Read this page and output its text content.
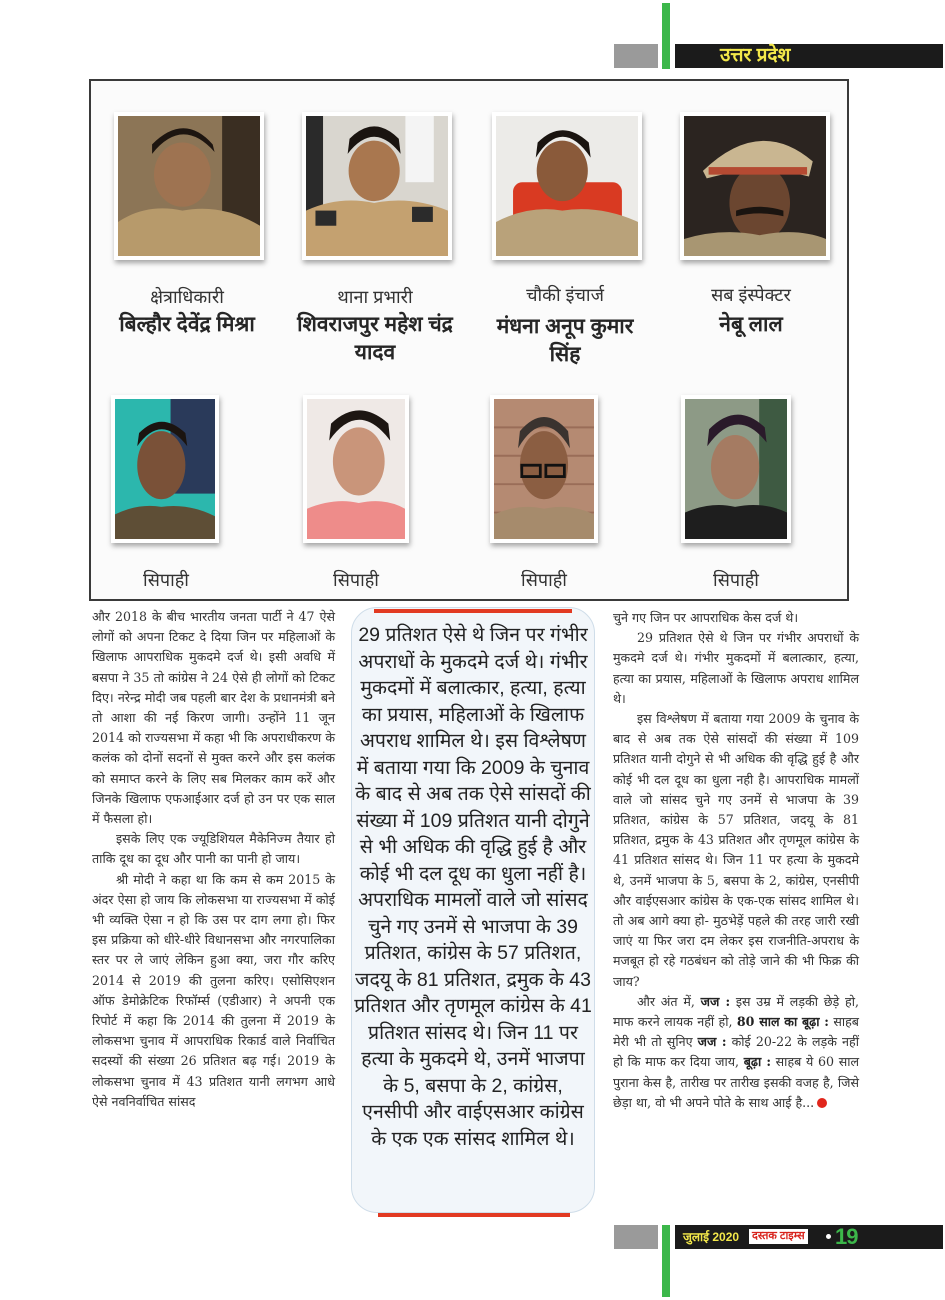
उत्तर प्रदेश
क्षेत्राधिकारी
बिल्हौर देवेंद्र मिश्रा
थाना प्रभारी
शिवराजपुर महेश चंद्र यादव
चौकी इंचार्ज
मंधना अनूप कुमार सिंह
सब इंस्पेक्टर
नेबू लाल
सिपाही	सिपाही	सिपाही	सिपाही

और 2018 के बीच भारतीय जनता पार्टी ने 47 ऐसे लोगों को अपना टिकट दे दिया जिन पर महिलाओं के खिलाफ आपराधिक मुकदमे दर्ज थे। इसी अवधि में बसपा ने 35 तो कांग्रेस ने 24 ऐसे ही लोगों को टिकट दिए। नरेन्द्र मोदी जब पहली बार देश के प्रधानमंत्री बने तो आशा की नई किरण जागी। उन्होंने 11 जून 2014 को राज्यसभा में कहा भी कि अपराधीकरण के कलंक को दोनों सदनों से मुक्त करने और इस कलंक को समाप्त करने के लिए सब मिलकर काम करें और जिनके खिलाफ एफआईआर दर्ज हो उन पर एक साल में फैसला हो।

इसके लिए एक ज्यूडिशियल मैकेनिज्म तैयार हो ताकि दूध का दूध और पानी का पानी हो जाय।

श्री मोदी ने कहा था कि कम से कम 2015 के अंदर ऐसा हो जाय कि लोकसभा या राज्यसभा में कोई भी व्यक्ति ऐसा न हो कि उस पर दाग लगा हो। फिर इस प्रक्रिया को धीरे-धीरे विधानसभा और नगरपालिका स्तर पर ले जाएं लेकिन हुआ क्या, जरा गौर करिए 2014 से 2019 की तुलना करिए। एसोसिएशन ऑफ डेमोक्रेटिक रिफॉर्म्स (एडीआर) ने अपनी एक रिपोर्ट में कहा कि 2014 की तुलना में 2019 के लोकसभा चुनाव में आपराधिक रिकार्ड वाले निर्वाचित सदस्यों की संख्या 26 प्रतिशत बढ़ गई। 2019 के लोकसभा चुनाव में 43 प्रतिशत यानी लगभग आधे ऐसे नवनिर्वाचित सांसद

29 प्रतिशत ऐसे थे जिन पर गंभीर अपराधों के मुकदमे दर्ज थे। गंभीर मुकदमों में बलात्कार, हत्या, हत्या का प्रयास, महिलाओं के खिलाफ अपराध शामिल थे। इस विश्लेषण में बताया गया कि 2009 के चुनाव के बाद से अब तक ऐसे सांसदों की संख्या में 109 प्रतिशत यानी दोगुने से भी अधिक की वृद्धि हुई है और कोई भी दल दूध का धुला नहीं है। अपराधिक मामलों वाले जो सांसद चुने गए उनमें से भाजपा के 39 प्रतिशत, कांग्रेस के 57 प्रतिशत, जदयू के 81 प्रतिशत, द्रमुक के 43 प्रतिशत और तृणमूल कांग्रेस के 41 प्रतिशत सांसद थे। जिन 11 पर हत्या के मुकदमे थे, उनमें भाजपा के 5, बसपा के 2, कांग्रेस, एनसीपी और वाईएसआर कांग्रेस के एक एक सांसद शामिल थे।

चुने गए जिन पर आपराधिक केस दर्ज थे।

29 प्रतिशत ऐसे थे जिन पर गंभीर अपराधों के मुकदमे दर्ज थे। गंभीर मुकदमों में बलात्कार, हत्या, हत्या का प्रयास, महिलाओं के खिलाफ अपराध शामिल थे।

इस विश्लेषण में बताया गया 2009 के चुनाव के बाद से अब तक ऐसे सांसदों की संख्या में 109 प्रतिशत यानी दोगुने से भी अधिक की वृद्धि हुई है और कोई भी दल दूध का धुला नही है। आपराधिक मामलों वाले जो सांसद चुने गए उनमें से भाजपा के 39 प्रतिशत, कांग्रेस के 57 प्रतिशत, जदयू के 81 प्रतिशत, द्रमुक के 43 प्रतिशत और तृणमूल कांग्रेस के 41 प्रतिशत सांसद थे। जिन 11 पर हत्या के मुकदमे थे, उनमें भाजपा के 5, बसपा के 2, कांग्रेस, एनसीपी और वाईएसआर कांग्रेस के एक-एक सांसद शामिल थे। तो अब आगे क्या हो- मुठभेड़ें पहले की तरह जारी रखी जाएं या फिर जरा दम लेकर इस राजनीति-अपराध के मजबूत हो रहे गठबंधन को तोड़े जाने की भी फिक्र की जाय?

और अंत में, जज : इस उम्र में लड़की छेड़े हो, माफ करने लायक नहीं हो, 80 साल का बूढ़ा : साहब मेरी भी तो सुनिए जज : कोई 20-22 के लड़के नहीं हो कि माफ कर दिया जाय, बूढ़ा : साहब ये 60 साल पुराना केस है, तारीख पर तारीख इसकी वजह है, जिसे छेड़ा था, वो भी अपने पोते के साथ आई है...

जुलाई 2020 दस्तक टाइम्स 19
